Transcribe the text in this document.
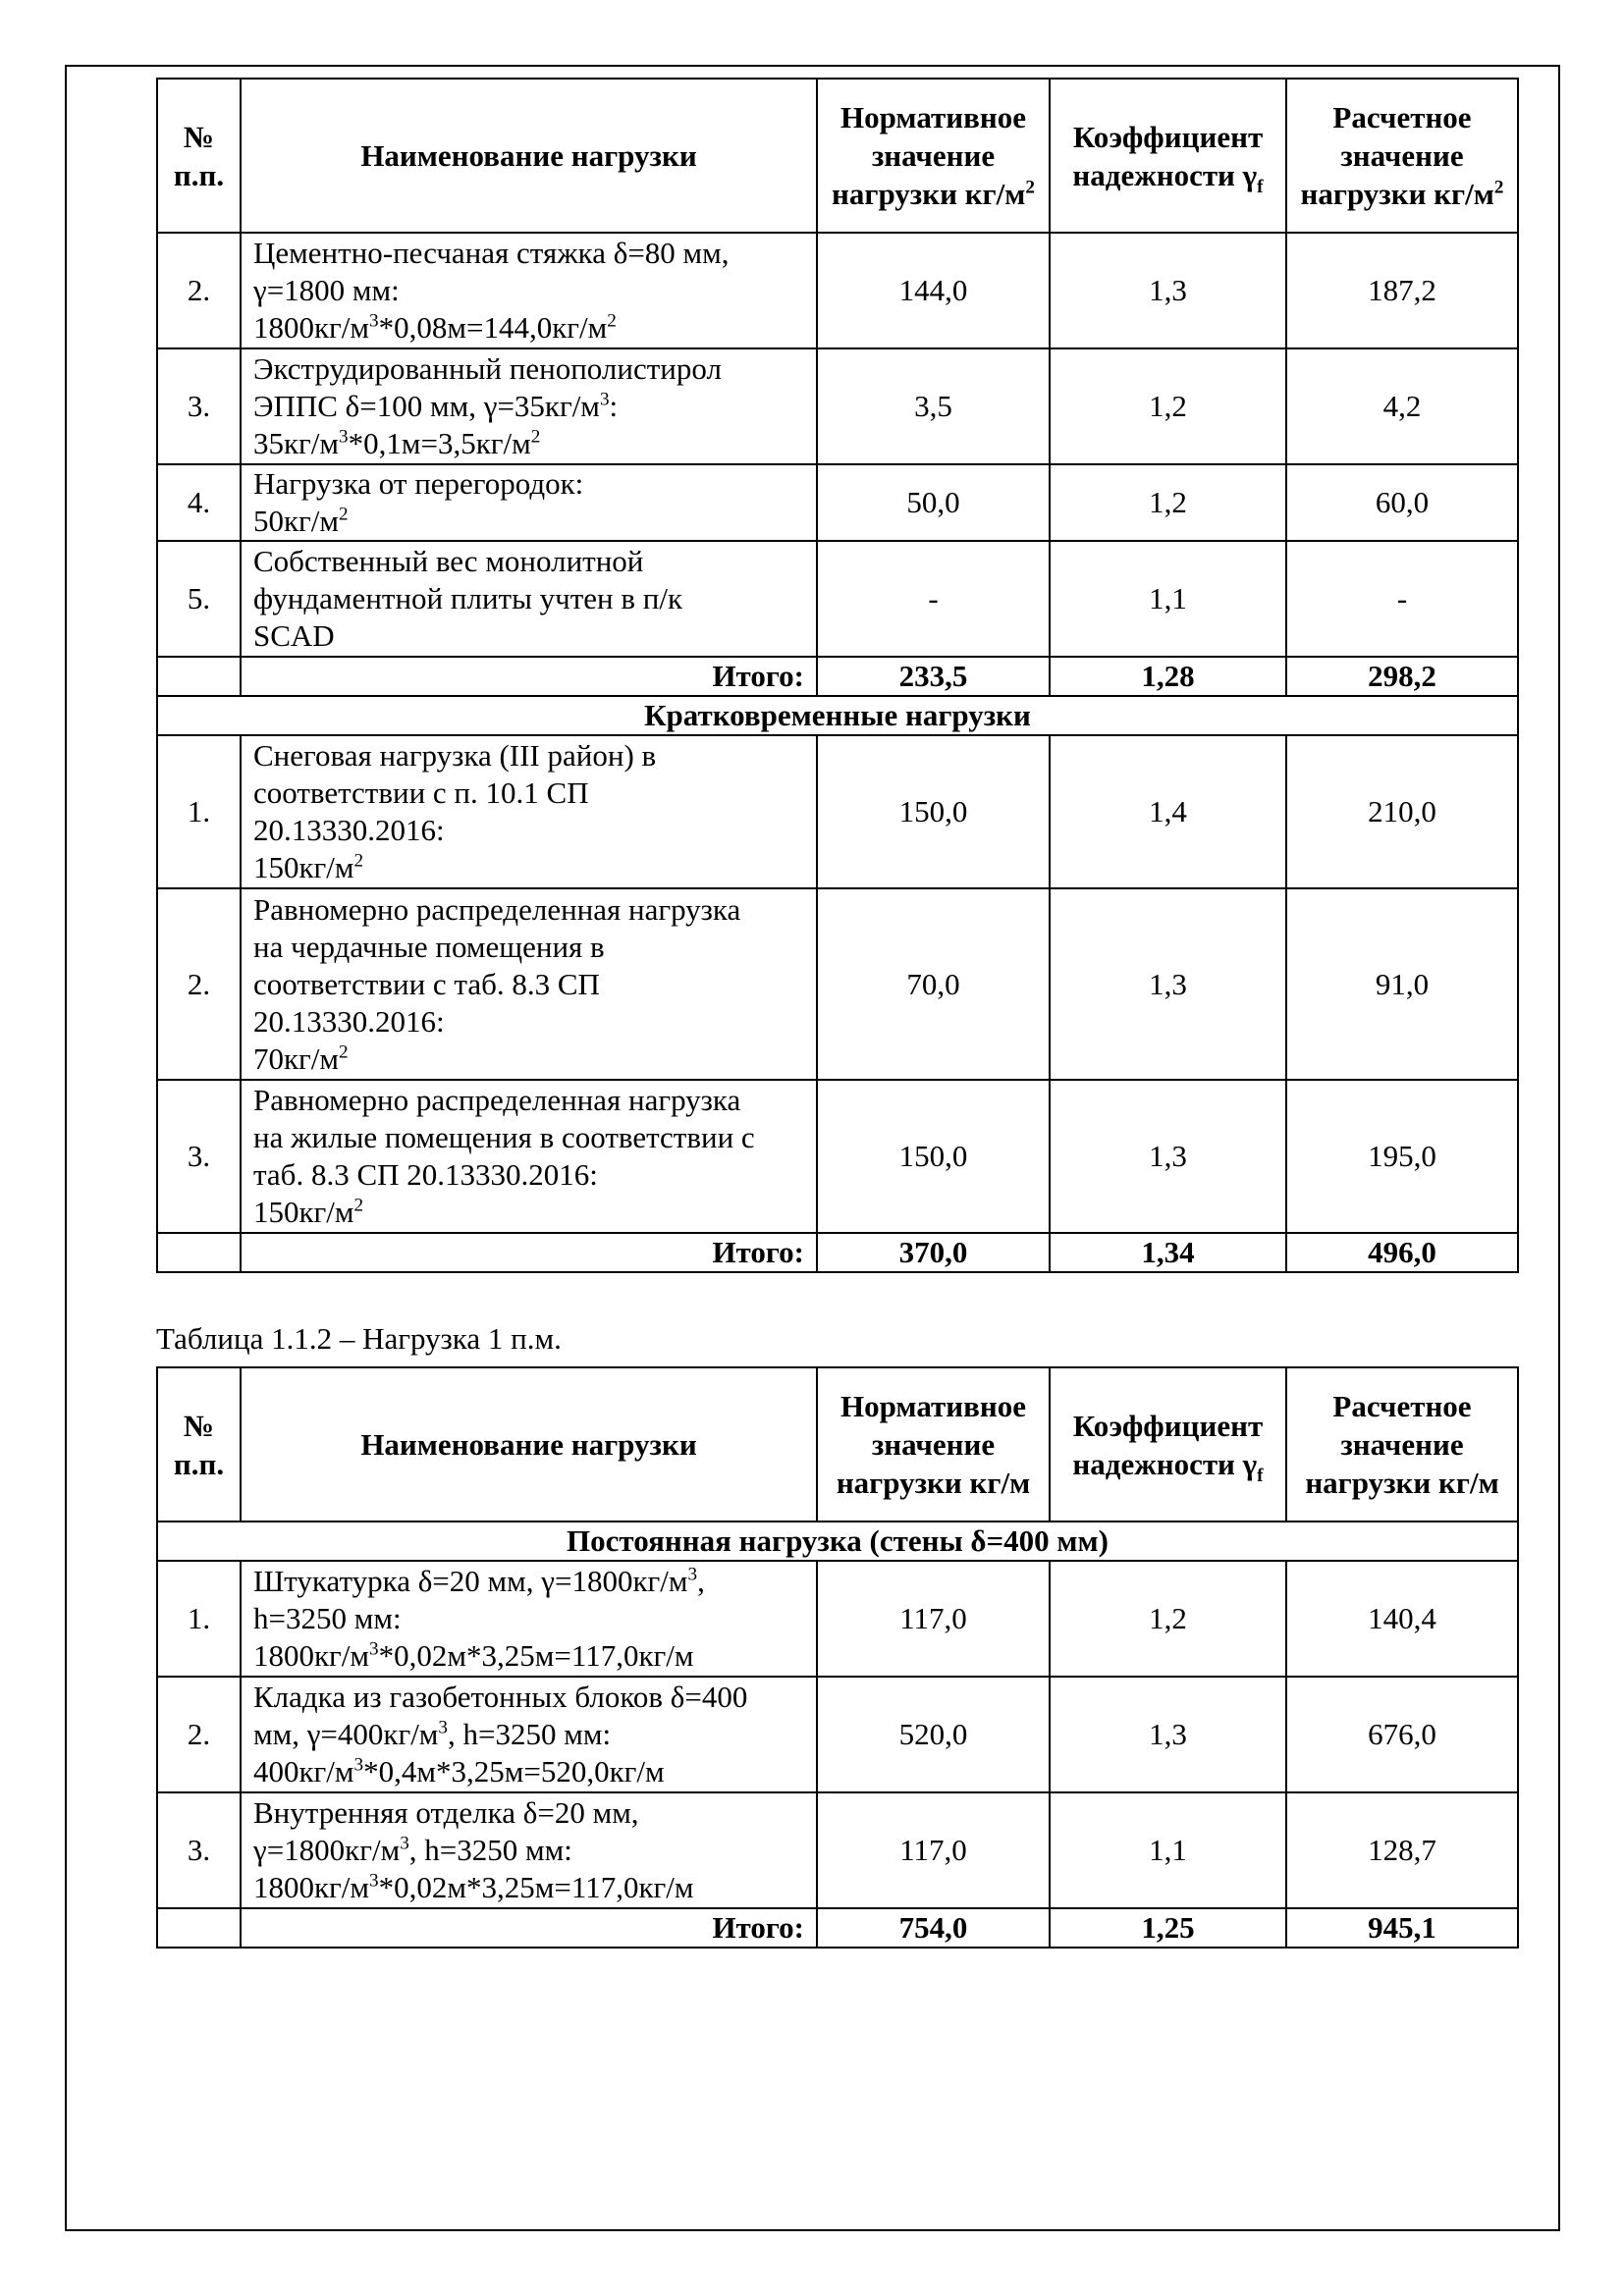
№ п.п.	Наименование нагрузки	Нормативное значение нагрузки $кг/м^2$	Коэффициент надежности $\gamma_f$	Расчетное значение нагрузки $кг/м^2$
2.	Цементно-песчаная стяжка δ=80 мм,
γ=1800 мм:
$1800кг/м^3*0,08м=144,0кг/м^2$	144,0	1,3	187,2
3.	Экструдированный пенополистирол
ЭППС δ=100 мм, $\gamma=35кг/м^3$:
$35кг/м^3*0,1м=3,5кг/м^2$	3,5	1,2	4,2
4.	Нагрузка от перегородок:
$50кг/м^2$	50,0	1,2	60,0
5.	Собственный вес монолитной
фундаментной плиты учтен в п/к
SCAD	-	1,1	-
	Итого:	233,5	1,28	298,2
Кратковременные нагрузки				
1.	Снеговая нагрузка (III район) в
соответствии с п. 10.1 СП
20.13330.2016:
$150кг/м^2$	150,0	1,4	210,0
2.	Равномерно распределенная нагрузка
на чердачные помещения в
соответствии с таб. 8.3 СП
20.13330.2016:
$70кг/м^2$	70,0	1,3	91,0
3.	Равномерно распределенная нагрузка
на жилые помещения в соответствии с
таб. 8.3 СП 20.13330.2016:
$150кг/м^2$	150,0	1,3	195,0
	Итого:	370,0	1,34	496,0
Таблица 1.1.2 – Нагрузка 1 п.м.
№ п.п.	Наименование нагрузки	Нормативное значение нагрузки кг/м	Коэффициент надежности $\gamma_f$	Расчетное значение нагрузки кг/м
Постоянная нагрузка (стены δ=400 мм)				
1.	Штукатурка δ=20 мм, $\gamma=1800кг/м^3$,
h=3250 мм:
$1800кг/м^3*0,02м*3,25м=117,0кг/м$	117,0	1,2	140,4
2.	Кладка из газобетонных блоков δ=400
мм, $\gamma=400кг/м^3$, h=3250 мм:
$400кг/м^3*0,4м*3,25м=520,0кг/м$	520,0	1,3	676,0
3.	Внутренняя отделка δ=20 мм,
$\gamma=1800кг/м^3$, h=3250 мм:
$1800кг/м^3*0,02м*3,25м=117,0кг/м$	117,0	1,1	128,7
	Итого:	754,0	1,25	945,1
